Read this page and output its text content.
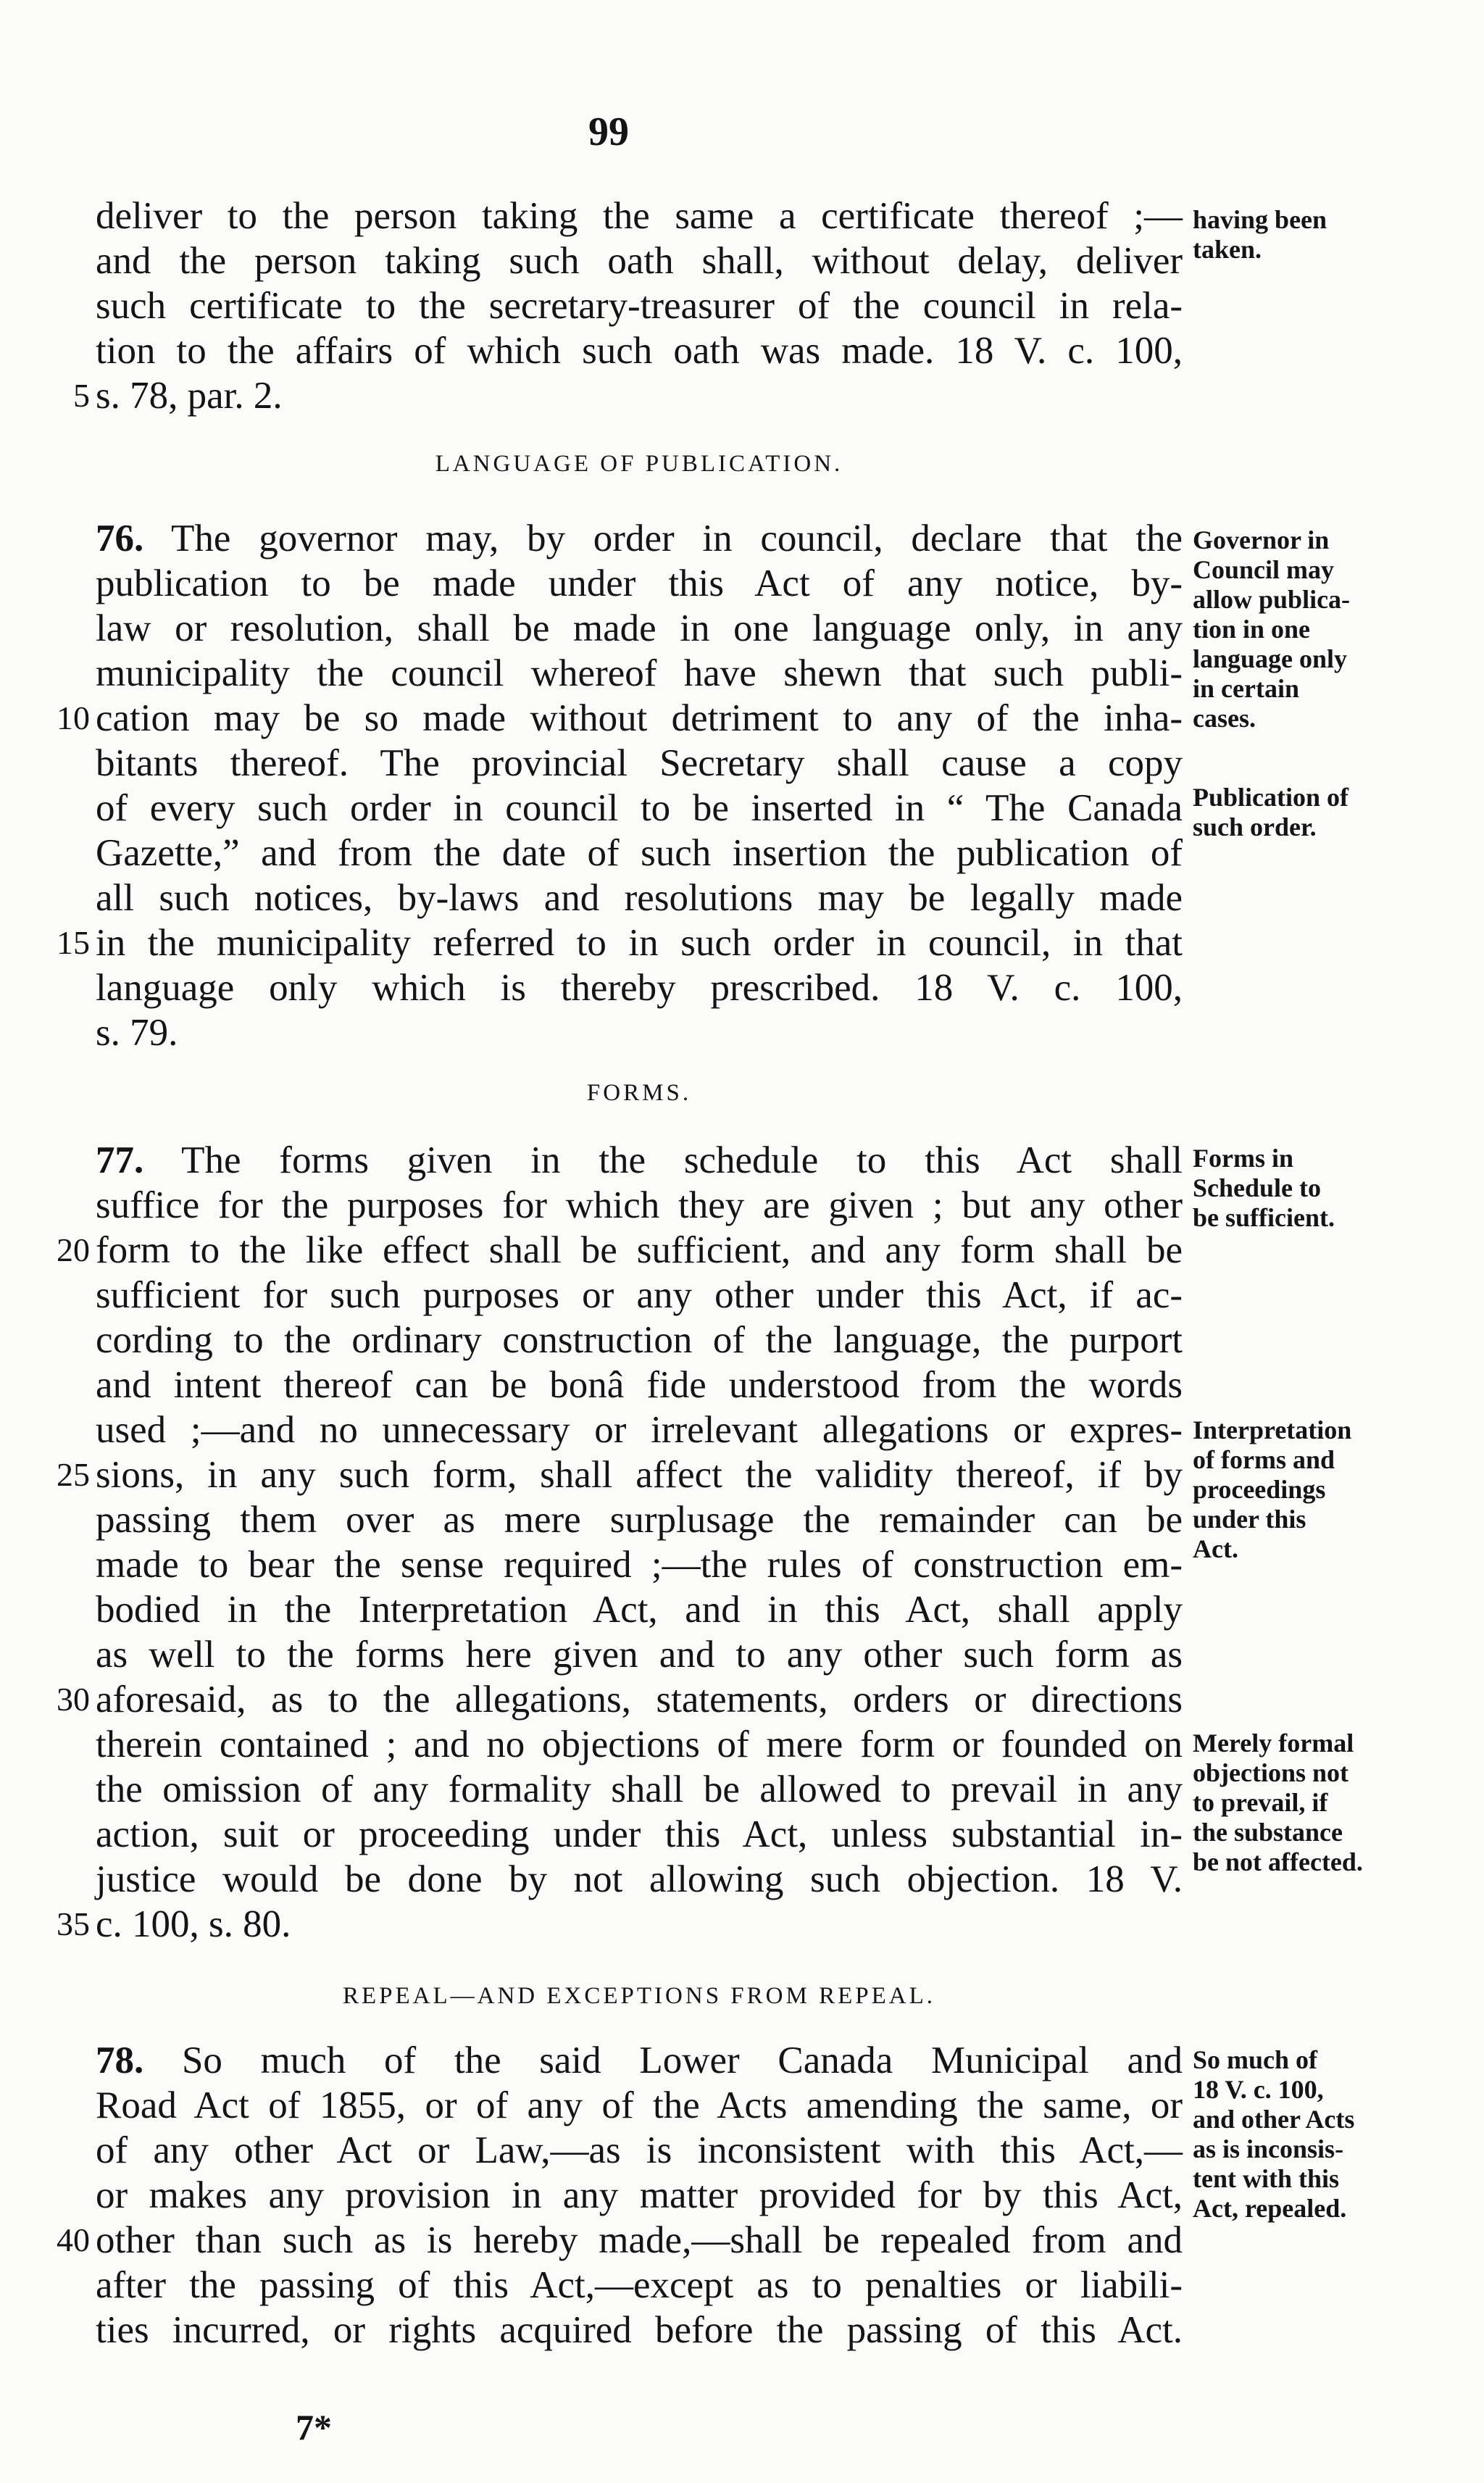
99
deliver to the person taking the same a certificate thereof ;—
and the person taking such oath shall, without delay, deliver
such certificate to the secretary-treasurer of the council in rela-
tion to the affairs of which such oath was made. 18 V. c. 100,
s. 78, par. 2.
5
having been
taken.
LANGUAGE OF PUBLICATION.
76. The governor may, by order in council, declare that the
publication to be made under this Act of any notice, by-
law or resolution, shall be made in one language only, in any
municipality the council whereof have shewn that such publi-
cation may be so made without detriment to any of the inha-
10
bitants thereof. The provincial Secretary shall cause a copy
of every such order in council to be inserted in “ The Canada
Gazette,” and from the date of such insertion the publication of
all such notices, by-laws and resolutions may be legally made
in the municipality referred to in such order in council, in that
15
language only which is thereby prescribed. 18 V. c. 100,
s. 79.
Governor in
Council may
allow publica-
tion in one
language only
in certain
cases.
Publication of
such order.
FORMS.
77. The forms given in the schedule to this Act shall
suffice for the purposes for which they are given ; but any other
form to the like effect shall be sufficient, and any form shall be
20
sufficient for such purposes or any other under this Act, if ac-
cording to the ordinary construction of the language, the purport
and intent thereof can be bonâ fide understood from the words
used ;—and no unnecessary or irrelevant allegations or expres-
sions, in any such form, shall affect the validity thereof, if by
25
passing them over as mere surplusage the remainder can be
made to bear the sense required ;—the rules of construction em-
bodied in the Interpretation Act, and in this Act, shall apply
as well to the forms here given and to any other such form as
aforesaid, as to the allegations, statements, orders or directions
30
therein contained ; and no objections of mere form or founded on
the omission of any formality shall be allowed to prevail in any
action, suit or proceeding under this Act, unless substantial in-
justice would be done by not allowing such objection. 18 V.
c. 100, s. 80.
35
Forms in
Schedule to
be sufficient.
Interpretation
of forms and
proceedings
under this
Act.
Merely formal
objections not
to prevail, if
the substance
be not affected.
REPEAL—AND EXCEPTIONS FROM REPEAL.
78. So much of the said Lower Canada Municipal and
Road Act of 1855, or of any of the Acts amending the same, or
of any other Act or Law,—as is inconsistent with this Act,—
or makes any provision in any matter provided for by this Act,
other than such as is hereby made,—shall be repealed from and
40
after the passing of this Act,—except as to penalties or liabili-
ties incurred, or rights acquired before the passing of this Act.
So much of
18 V. c. 100,
and other Acts
as is inconsis-
tent with this
Act, repealed.
7*
